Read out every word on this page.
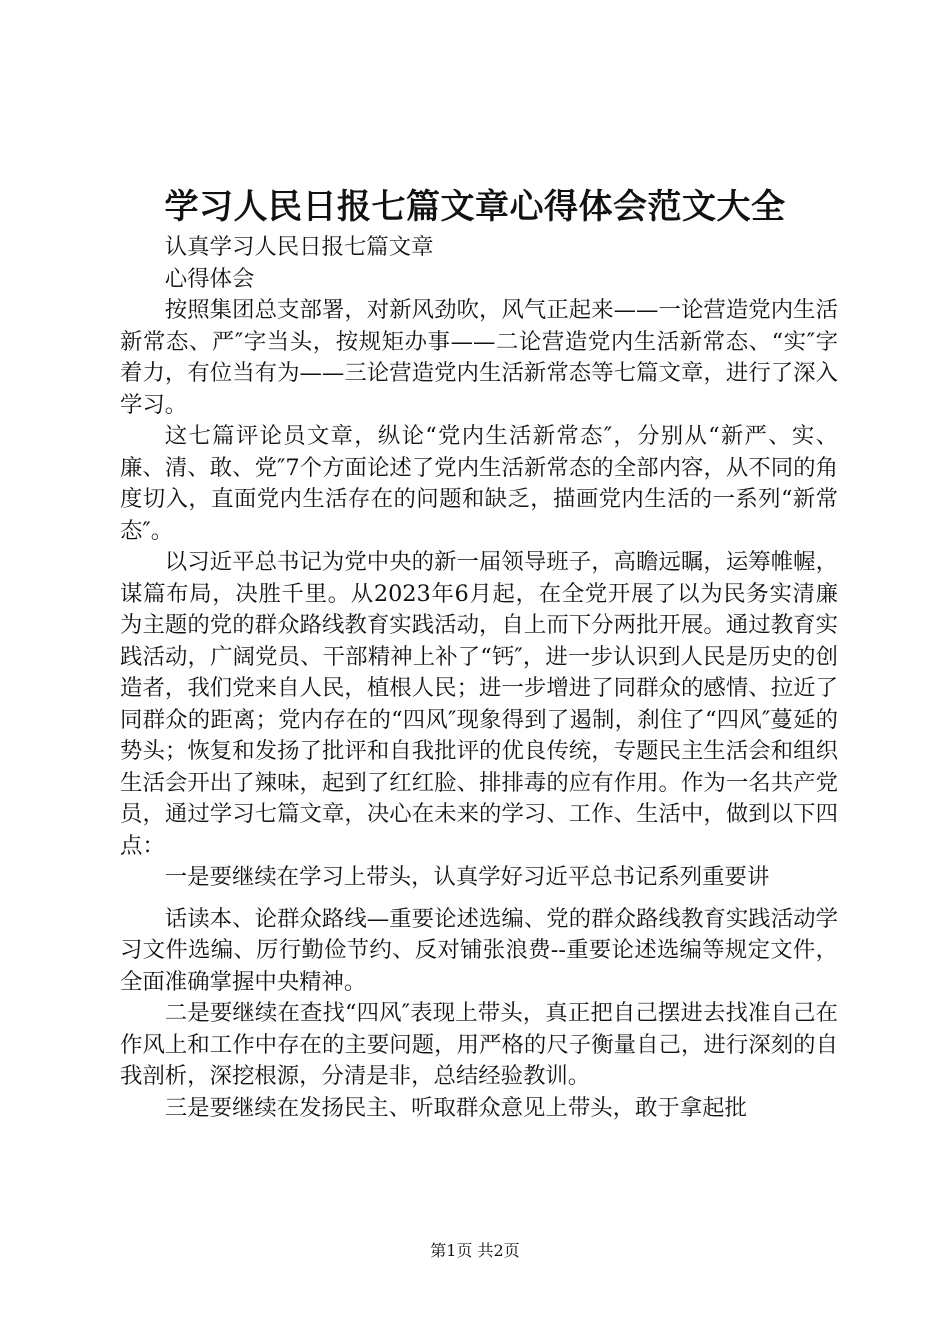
学习人民日报七篇文章心得体会范文大全

认真学习人民日报七篇文章

心得体会

按照集团总支部署，对新风劲吹，风气正起来——一论营造党内生活新常态、严″字当头，按规矩办事——二论营造党内生活新常态、“实″字着力，有位当有为——三论营造党内生活新常态等七篇文章，进行了深入学习。

这七篇评论员文章，纵论“党内生活新常态″，分别从“新严、实、廉、清、敢、党″7个方面论述了党内生活新常态的全部内容，从不同的角度切入，直面党内生活存在的问题和缺乏，描画党内生活的一系列“新常态″。

以习近平总书记为党中央的新一届领导班子，高瞻远瞩，运筹帷幄，谋篇布局，决胜千里。从2023年6月起，在全党开展了以为民务实清廉为主题的党的群众路线教育实践活动，自上而下分两批开展。通过教育实践活动，广阔党员、干部精神上补了“钙″，进一步认识到人民是历史的创造者，我们党来自人民，植根人民；进一步增进了同群众的感情、拉近了同群众的距离；党内存在的“四风″现象得到了遏制，刹住了“四风″蔓延的势头；恢复和发扬了批评和自我批评的优良传统，专题民主生活会和组织生活会开出了辣味，起到了红红脸、排排毒的应有作用。作为一名共产党员，通过学习七篇文章，决心在未来的学习、工作、生活中，做到以下四点：

一是要继续在学习上带头，认真学好习近平总书记系列重要讲

话读本、论群众路线—重要论述选编、党的群众路线教育实践活动学习文件选编、厉行勤俭节约、反对铺张浪费--重要论述选编等规定文件，全面准确掌握中央精神。

二是要继续在查找“四风″表现上带头，真正把自己摆进去找准自己在作风上和工作中存在的主要问题，用严格的尺子衡量自己，进行深刻的自我剖析，深挖根源，分清是非，总结经验教训。

三是要继续在发扬民主、听取群众意见上带头，敢于拿起批

第1页 共2页
